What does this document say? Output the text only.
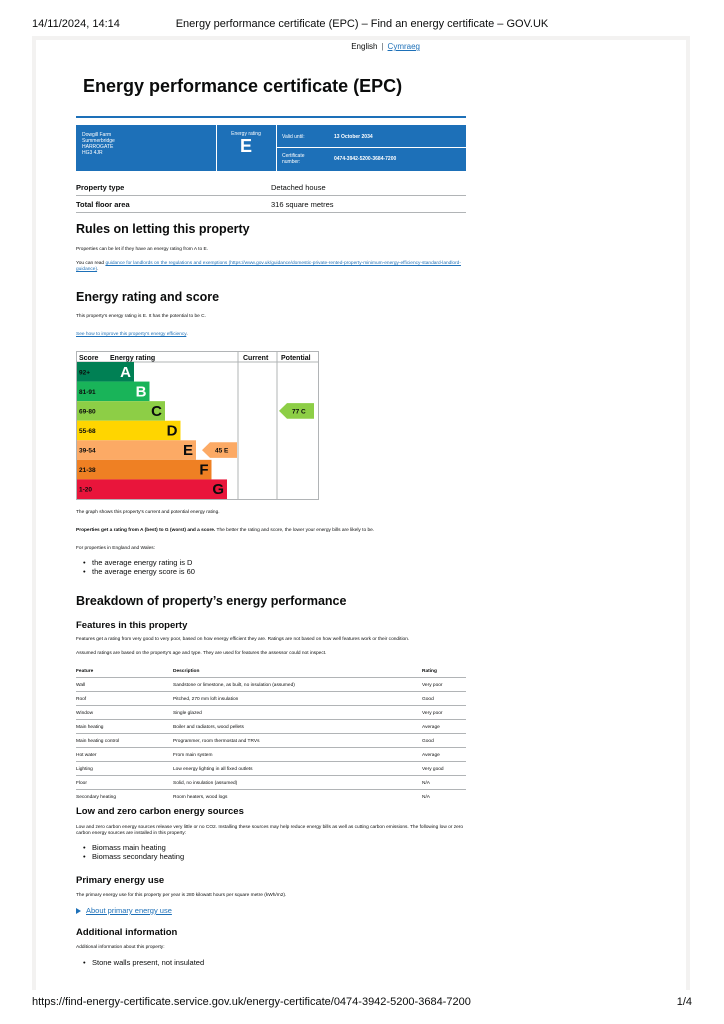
14/11/2024, 14:14	Energy performance certificate (EPC) – Find an energy certificate – GOV.UK
English | Cymraeg
Energy performance certificate (EPC)
Dowgill Farm
Summerbridge
HARROGATE
HG3 4JR
Energy rating
E	Valid until:	13 October 2034
Certificate
number:	0474-3942-5200-3684-7200
Property type	Detached house
Total floor area	316 square metres
Rules on letting this property

Properties can be let if they have an energy rating from A to E.

You can read guidance for landlords on the regulations and exemptions (https://www.gov.uk/guidance/domestic-private-rented-property-minimum-energy-efficiency-standard-landlord-guidance).

Energy rating and score

This property's energy rating is E. It has the potential to be C.

See how to improve this property's energy efficiency.

Score Energy rating	Current Potential
92+ A
81-91	B
69-80	C
55-68	D
39-54	E
21-38	F
1-20	G
45 E
77 C

The graph shows this property's current and potential energy rating.

Properties get a rating from A (best) to G (worst) and a score. The better the rating and score, the lower your energy bills are likely to be.

For properties in England and Wales:

• the average energy rating is D
• the average energy score is 60
Breakdown of property’s energy performance
Features in this property

Features get a rating from very good to very poor, based on how energy efficient they are. Ratings are not based on how well features work or their condition.

Assumed ratings are based on the property's age and type. They are used for features the assessor could not inspect.

Feature	Description	Rating
Wall	Sandstone or limestone, as built, no insulation (assumed)	Very poor
Roof	Pitched, 270 mm loft insulation	Good
Window	Single glazed	Very poor
Main heating	Boiler and radiators, wood pellets	Average
Main heating control	Programmer, room thermostat and TRVs	Good
Hot water	From main system	Average
Lighting	Low energy lighting in all fixed outlets	Very good
Floor	Solid, no insulation (assumed)	N/A
Secondary heating	Room heaters, wood logs	N/A
Low and zero carbon energy sources

Low and zero carbon energy sources release very little or no CO2. Installing these sources may help reduce energy bills as well as cutting carbon emissions. The following low or zero carbon energy sources are installed in this property:

• Biomass main heating
• Biomass secondary heating
Primary energy use

The primary energy use for this property per year is 280 kilowatt hours per square metre (kWh/m2).

About primary energy use
Additional information

Additional information about this property:

• Stone walls present, not insulated
https://find-energy-certificate.service.gov.uk/energy-certificate/0474-3942-5200-3684-7200	1/4
